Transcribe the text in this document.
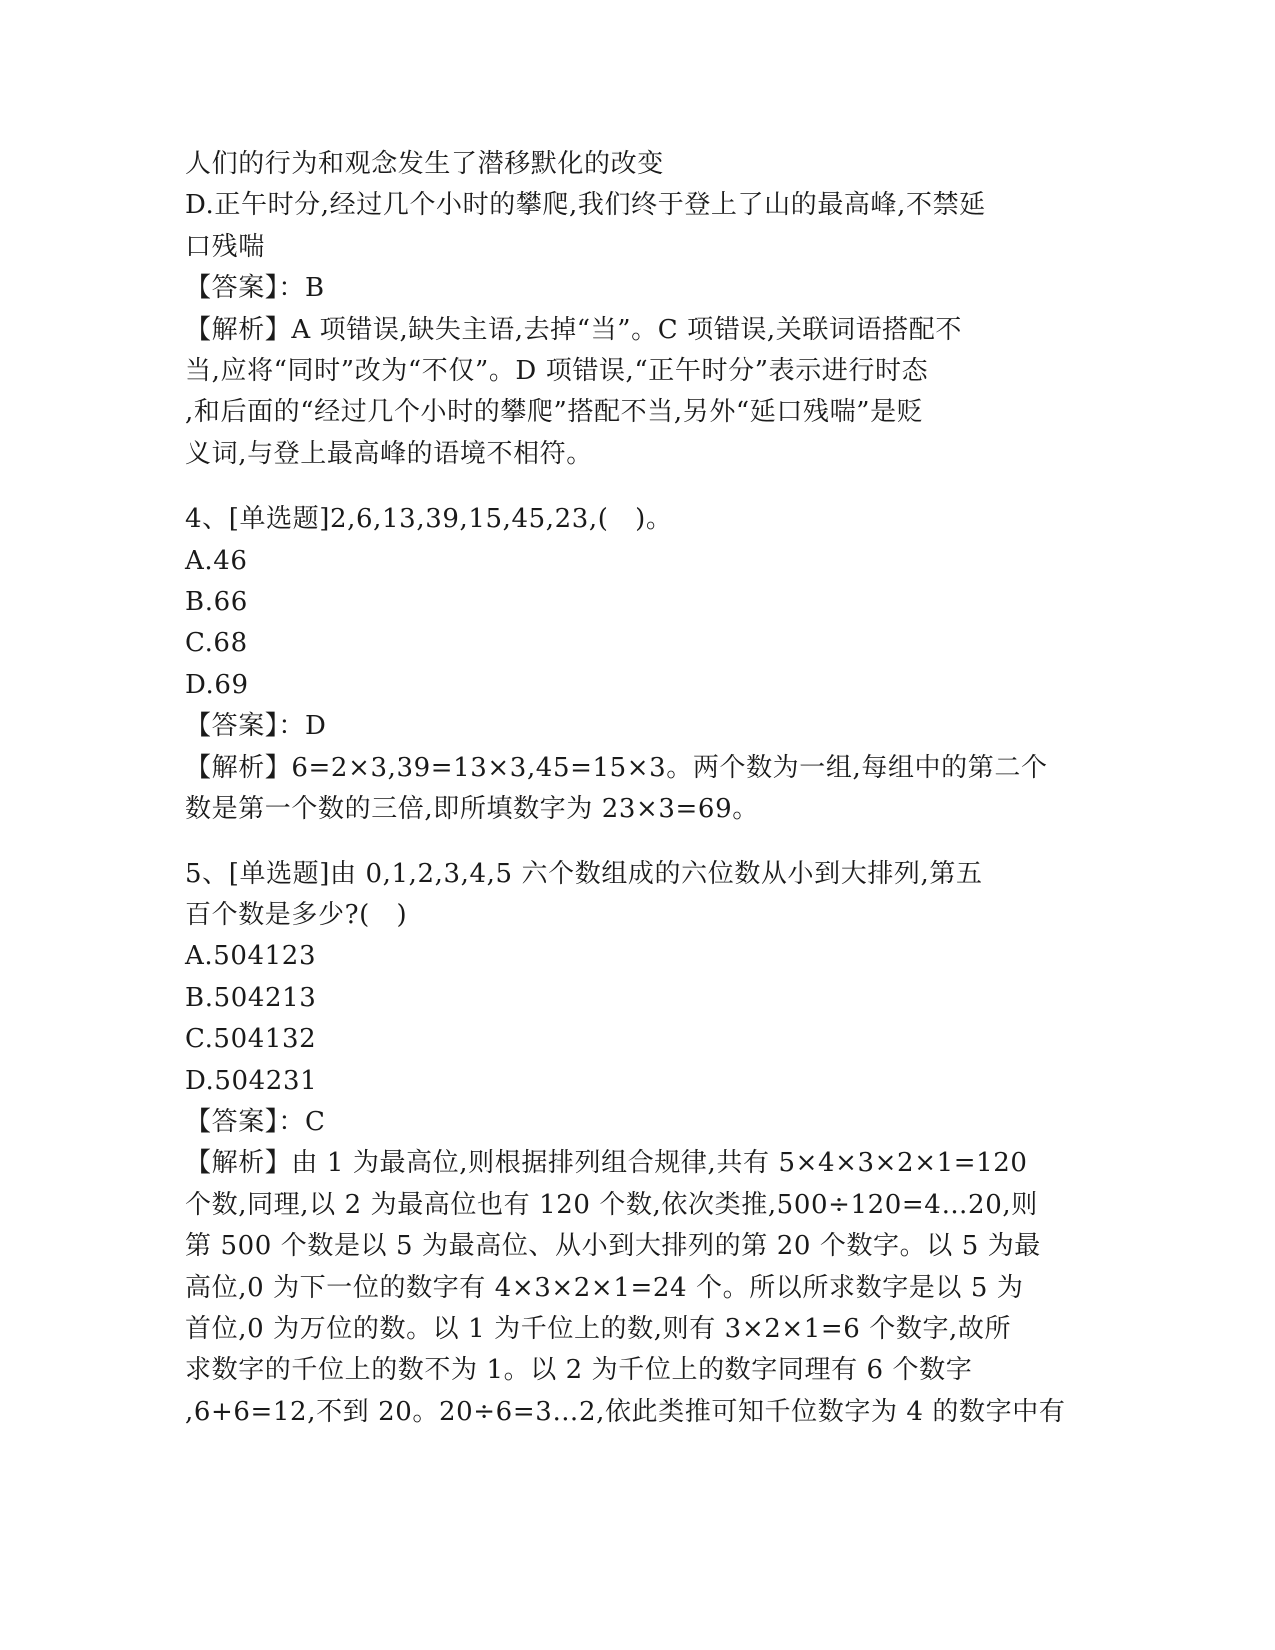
人们的行为和观念发生了潜移默化的改变

D.正午时分,经过几个小时的攀爬,我们终于登上了山的最高峰,不禁延

口残喘

【答案】：B

【解析】A 项错误,缺失主语,去掉“当”。C 项错误,关联词语搭配不

当,应将“同时”改为“不仅”。D 项错误,“正午时分”表示进行时态

,和后面的“经过几个小时的攀爬”搭配不当,另外“延口残喘”是贬

义词,与登上最高峰的语境不相符。

4、[单选题]2,6,13,39,15,45,23,(   )。

A.46

B.66

C.68

D.69

【答案】：D

【解析】6=2×3,39=13×3,45=15×3。两个数为一组,每组中的第二个

数是第一个数的三倍,即所填数字为 23×3=69。

5、[单选题]由 0,1,2,3,4,5 六个数组成的六位数从小到大排列,第五

百个数是多少?(   )

A.504123

B.504213

C.504132

D.504231

【答案】：C

【解析】由 1 为最高位,则根据排列组合规律,共有 5×4×3×2×1=120

个数,同理,以 2 为最高位也有 120 个数,依次类推,500÷120=4…20,则

第 500 个数是以 5 为最高位、从小到大排列的第 20 个数字。以 5 为最

高位,0 为下一位的数字有 4×3×2×1=24 个。所以所求数字是以 5 为

首位,0 为万位的数。以 1 为千位上的数,则有 3×2×1=6 个数字,故所

求数字的千位上的数不为 1。以 2 为千位上的数字同理有 6 个数字

,6+6=12,不到 20。20÷6=3…2,依此类推可知千位数字为 4 的数字中有
